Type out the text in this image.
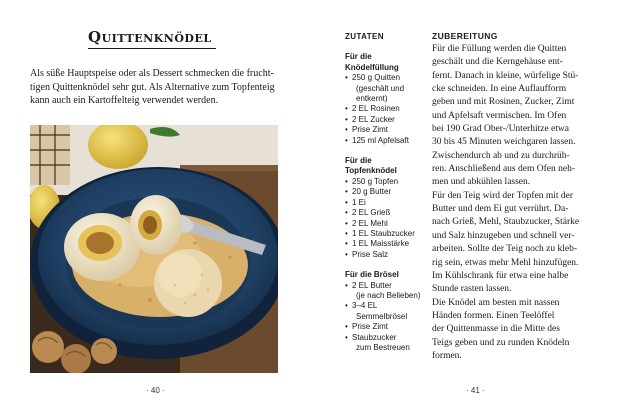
Quittenknödel
Als süße Hauptspeise oder als Dessert schmecken die frucht-
tigen Quittenknödel sehr gut. Als Alternative zum Topfenteig
kann auch ein Kartoffelteig verwendet werden.
· 40 ·
ZUTATEN
Für die
Knödelfüllung
• 250 g Quitten
(geschält und
entkernt)
• 2 EL Rosinen
• 2 EL Zucker
• Prise Zimt
• 125 ml Apfelsaft
Für die
Topfenknödel
• 250 g Topfen
• 20 g Butter
• 1 Ei
• 2 EL Grieß
• 2 EL Mehl
• 1 EL Staubzucker
• 1 EL Maisstärke
• Prise Salz
Für die Brösel
• 2 EL Butter
(je nach Belieben)
• 3–4 EL
Semmelbrösel
• Prise Zimt
• Staubzucker
zum Bestreuen
ZUBEREITUNG
Für die Füllung werden die Quitten
geschält und die Kerngehäuse ent-
fernt. Danach in kleine, würfelige Stü-
cke schneiden. In eine Auflaufform
geben und mit Rosinen, Zucker, Zimt
und Apfelsaft vermischen. Im Ofen
bei 190 Grad Ober-/Unterhitze etwa
30 bis 45 Minuten weichgaren lassen.
Zwischendurch ab und zu durchrüh-
ren. Anschließend aus dem Ofen neh-
men und abkühlen lassen.
Für den Teig wird der Topfen mit der
Butter und dem Ei gut verrührt. Da-
nach Grieß, Mehl, Staubzucker, Stärke
und Salz hinzugeben und schnell ver-
arbeiten. Sollte der Teig noch zu kleb-
rig sein, etwas mehr Mehl hinzufügen.
Im Kühlschrank für etwa eine halbe
Stunde rasten lassen.
Die Knödel am besten mit nassen
Händen formen. Einen Teelöffel
der Quittenmasse in die Mitte des
Teigs geben und zu runden Knödeln
formen.
· 41 ·
